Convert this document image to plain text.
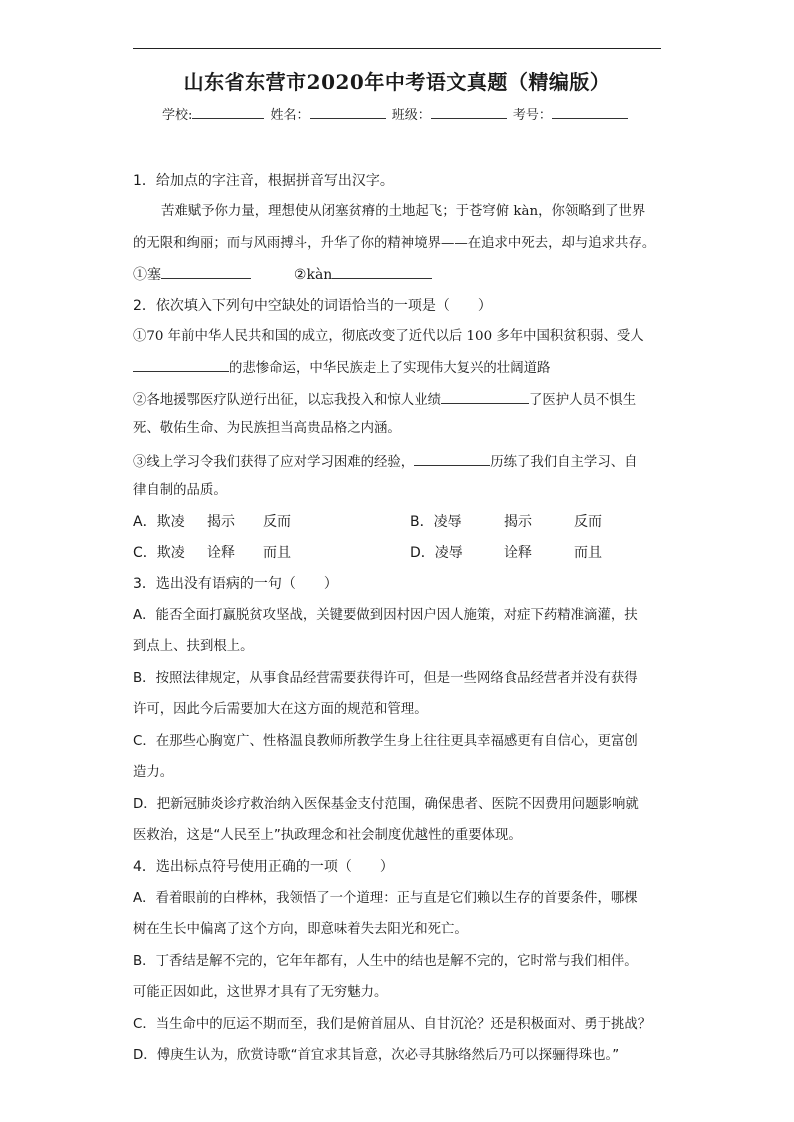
山东省东营市2020年中考语文真题（精编版）
学校:	姓名：	班级：	考号：
1．给加点的字注音，根据拼音写出汉字。
苦难赋予你力量，理想使从闭塞贫瘠的土地起飞；于苍穹俯 kàn，你领略到了世界
的无限和绚丽；而与风雨搏斗，升华了你的精神境界——在追求中死去，却与追求共存。
①塞	②kàn
2．依次填入下列句中空缺处的词语恰当的一项是（　　）
①70 年前中华人民共和国的成立，彻底改变了近代以后 100 多年中国积贫积弱、受人
的悲惨命运，中华民族走上了实现伟大复兴的壮阔道路
②各地援鄂医疗队逆行出征，以忘我投入和惊人业绩	了医护人员不惧生
死、敬佑生命、为民族担当高贵品格之内涵。
③线上学习令我们获得了应对学习困难的经验，	历练了我们自主学习、自
律自制的品质。
A．欺凌 揭示 反而	B．凌辱	揭示	反而
C．欺凌 诠释 而且	D．凌辱	诠释	而且
3．选出没有语病的一句（　　）
A．能否全面打赢脱贫攻坚战，关键要做到因村因户因人施策，对症下药精准滴灌，扶
到点上、扶到根上。
B．按照法律规定，从事食品经营需要获得许可，但是一些网络食品经营者并没有获得
许可，因此今后需要加大在这方面的规范和管理。
C．在那些心胸宽广、性格温良教师所教学生身上往往更具幸福感更有自信心，更富创
造力。
D．把新冠肺炎诊疗救治纳入医保基金支付范围，确保患者、医院不因费用问题影响就
医救治，这是“人民至上”执政理念和社会制度优越性的重要体现。
4．选出标点符号使用正确的一项（　　）
A．看着眼前的白桦林，我领悟了一个道理：正与直是它们赖以生存的首要条件，哪棵
树在生长中偏离了这个方向，即意味着失去阳光和死亡。
B．丁香结是解不完的，它年年都有，人生中的结也是解不完的，它时常与我们相伴。
可能正因如此，这世界才具有了无穷魅力。
C．当生命中的厄运不期而至，我们是俯首屈从、自甘沉沦？还是积极面对、勇于挑战？
D．傅庚生认为，欣赏诗歌“首宜求其旨意，次必寻其脉络然后乃可以探骊得珠也。”
